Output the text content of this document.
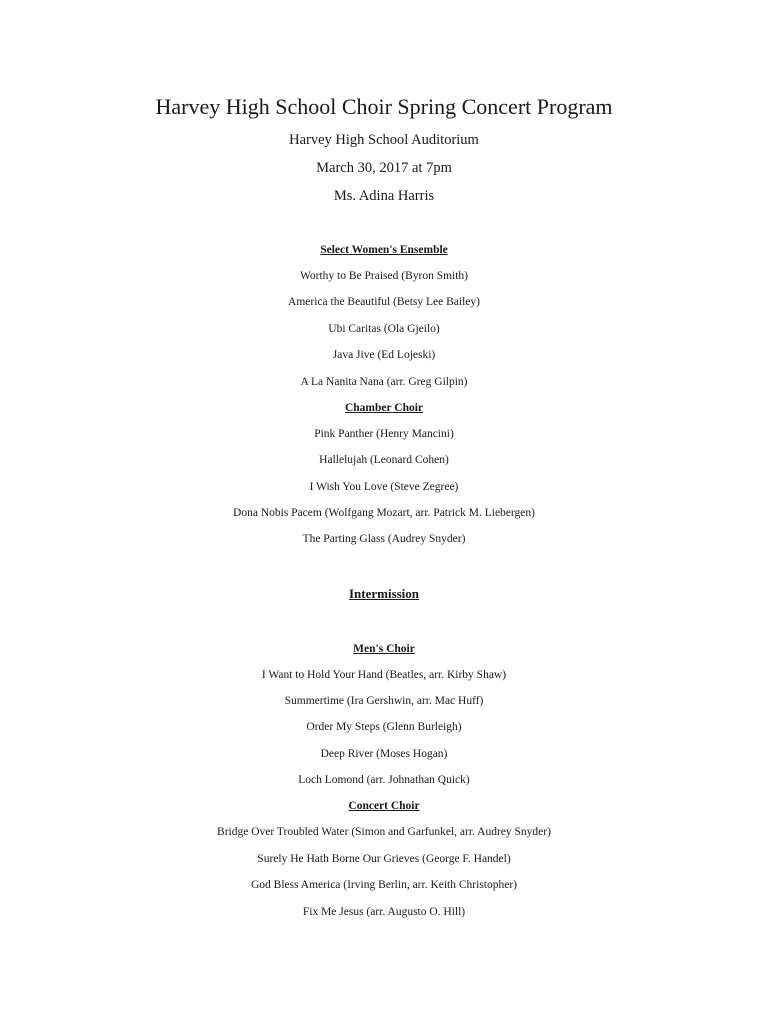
Harvey High School Choir Spring Concert Program
Harvey High School Auditorium
March 30, 2017 at 7pm
Ms. Adina Harris
Select Women's Ensemble
Worthy to Be Praised (Byron Smith)
America the Beautiful (Betsy Lee Bailey)
Ubi Caritas (Ola Gjeilo)
Java Jive (Ed Lojeski)
A La Nanita Nana (arr. Greg Gilpin)
Chamber Choir
Pink Panther (Henry Mancini)
Hallelujah (Leonard Cohen)
I Wish You Love (Steve Zegree)
Dona Nobis Pacem (Wolfgang Mozart, arr. Patrick M. Liebergen)
The Parting Glass (Audrey Snyder)
Intermission
Men's Choir
I Want to Hold Your Hand (Beatles, arr. Kirby Shaw)
Summertime (Ira Gershwin, arr. Mac Huff)
Order My Steps (Glenn Burleigh)
Deep River (Moses Hogan)
Loch Lomond (arr. Johnathan Quick)
Concert Choir
Bridge Over Troubled Water (Simon and Garfunkel, arr. Audrey Snyder)
Surely He Hath Borne Our Grieves (George F. Handel)
God Bless America (Irving Berlin, arr. Keith Christopher)
Fix Me Jesus (arr. Augusto O. Hill)
